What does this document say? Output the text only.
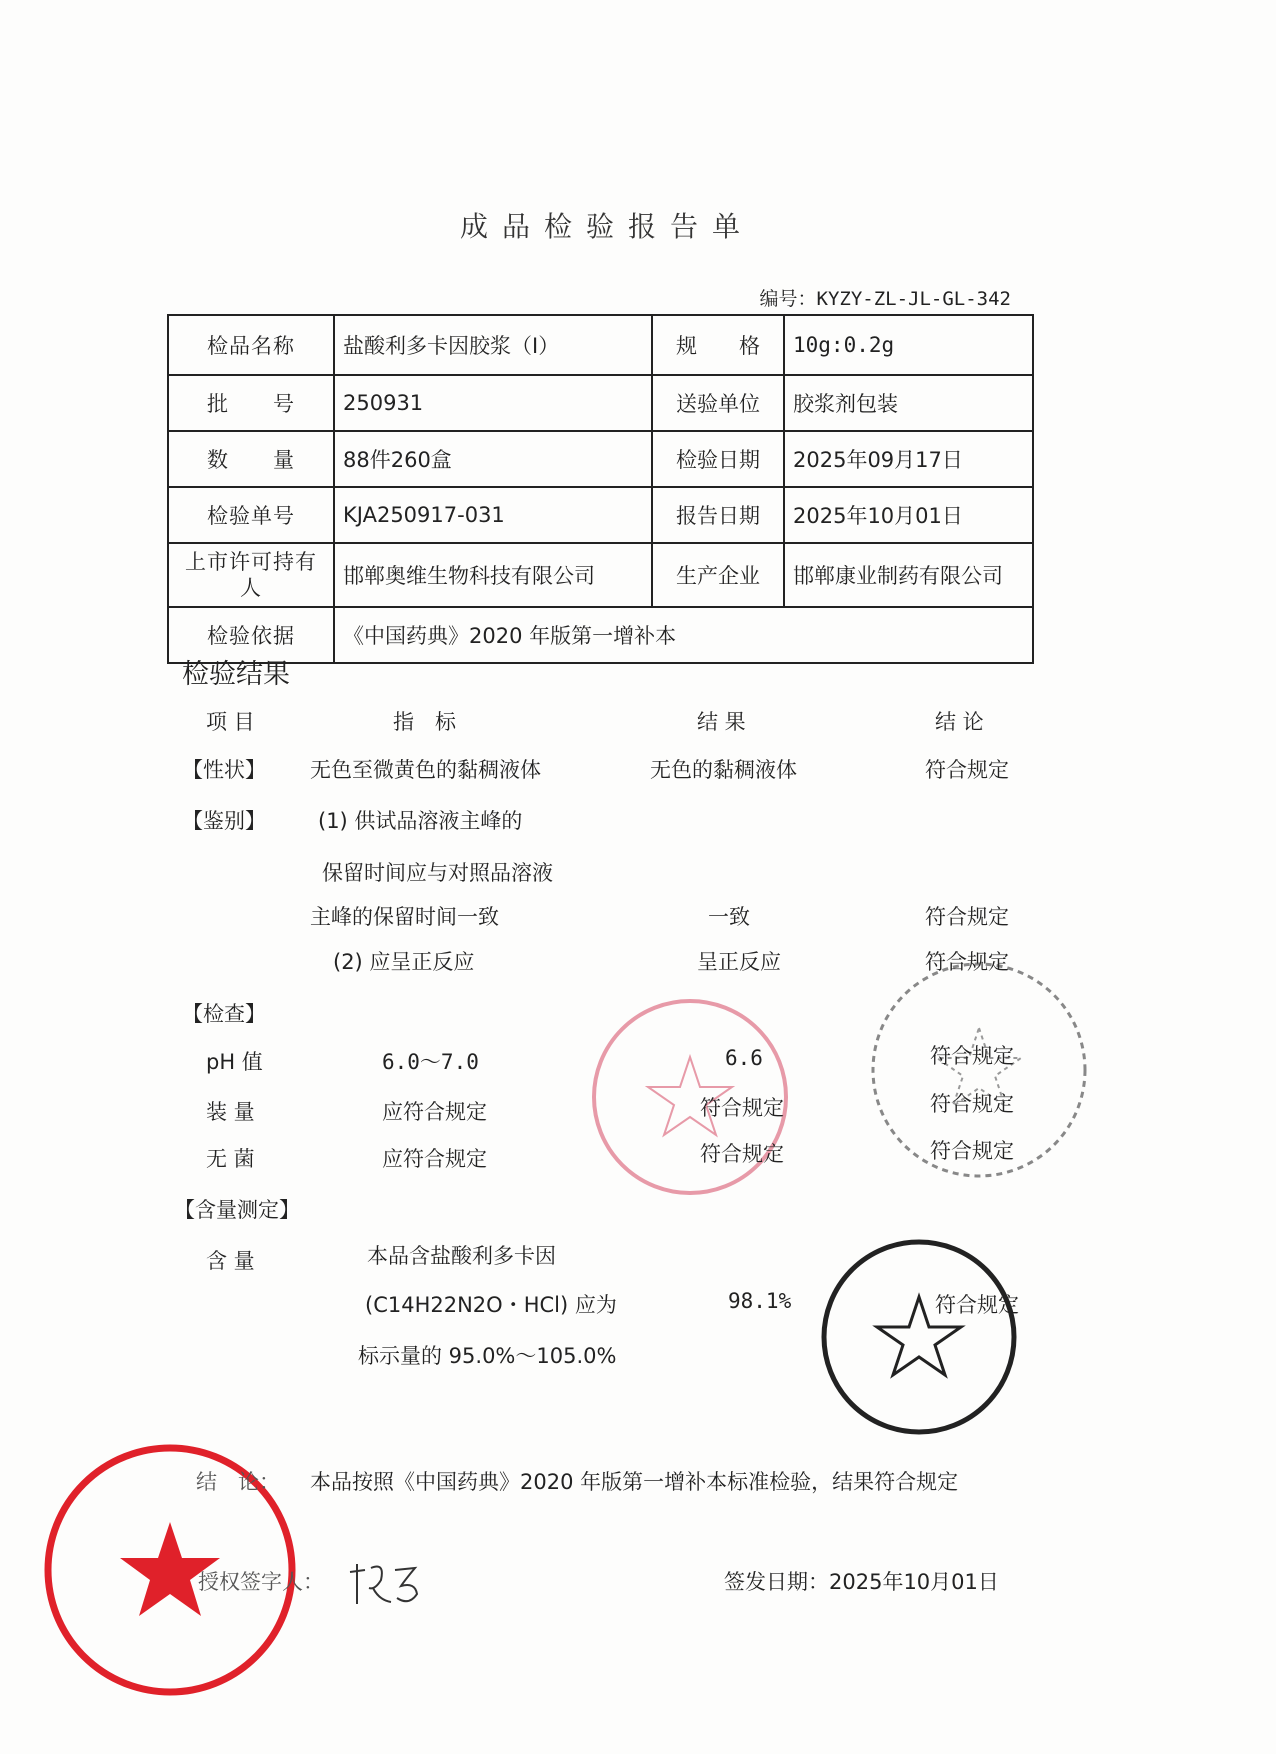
成品检验报告单
编号：KYZY-ZL-JL-GL-342
检品名称	盐酸利多卡因胶浆（Ⅰ）	规　　格	10g:0.2g
批　　号	250931	送验单位	胶浆剂包装
数　　量	88件260盒	检验日期	2025年09月17日
检验单号	KJA250917-031	报告日期	2025年10月01日
上市许可持有人	邯郸奥维生物科技有限公司	生产企业	邯郸康业制药有限公司
检验依据	《中国药典》2020 年版第一增补本		
检验结果
项 目	指　标	结 果	结 论
【性状】 无色至微黄色的黏稠液体	无色的黏稠液体	符合规定
【鉴别】 (1) 供试品溶液主峰的
保留时间应与对照品溶液
主峰的保留时间一致	一致	符合规定
(2) 应呈正反应	呈正反应	符合规定
【检查】
pH 值	6.0～7.0	6.6	符合规定
装 量	应符合规定	符合规定	符合规定
无 菌	应符合规定	符合规定	符合规定
【含量测定】
含 量	本品含盐酸利多卡因
(C14H22N2O・HCl) 应为
标示量的 95.0%～105.0%
98.1%	符合规定
结　论： 本品按照《中国药典》2020 年版第一增补本标准检验，结果符合规定
授权签字人：	签发日期：2025年10月01日
